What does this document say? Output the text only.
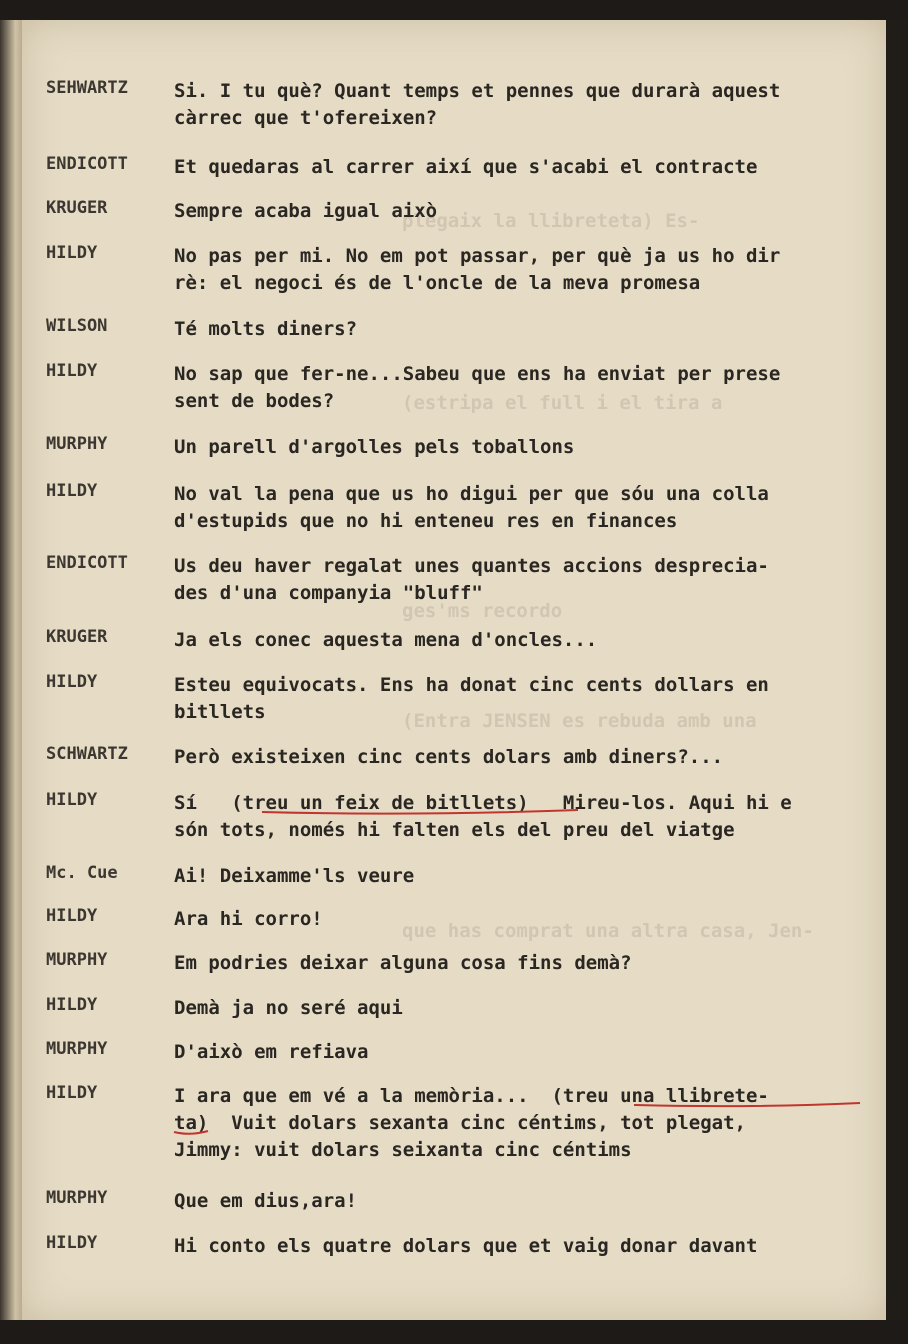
plegaix la llibreteta) Es-
(estripa el full i el tira a
ges'ms recordo
(Entra JENSEN es rebuda amb una
que has comprat una altra casa, Jen-
SEHWARTZ Si. I tu què? Quant temps et pennes que durarà aquest
càrrec que t'ofereixen?
ENDICOTT Et quedaras al carrer així que s'acabi el contracte
KRUGER	Sempre acaba igual això
HILDY	No pas per mi. No em pot passar, per què ja us ho dir
rè: el negoci és de l'oncle de la meva promesa
WILSON	Té molts diners?
HILDY	No sap que fer-ne...Sabeu que ens ha enviat per prese
sent de bodes?
MURPHY	Un parell d'argolles pels toballons
HILDY	No val la pena que us ho digui per que sóu una colla
d'estupids que no hi enteneu res en finances
ENDICOTT Us deu haver regalat unes quantes accions desprecia-
des d'una companyia "bluff"
KRUGER	Ja els conec aquesta mena d'oncles...
HILDY	Esteu equivocats. Ens ha donat cinc cents dollars en
bitllets
SCHWARTZ Però existeixen cinc cents dolars amb diners?...
HILDY	Sí   (treu un feix de bitllets)   Mireu-los. Aqui hi e
són tots, només hi falten els del preu del viatge
Mc. Cue	Ai! Deixamme'ls veure
HILDY	Ara hi corro!
MURPHY	Em podries deixar alguna cosa fins demà?
HILDY	Demà ja no seré aqui
MURPHY	D'això em refiava
HILDY	I ara que em vé a la memòria...  (treu una llibrete-
ta)  Vuit dolars sexanta cinc céntims, tot plegat,
Jimmy: vuit dolars seixanta cinc céntims
MURPHY	Que em dius,ara!
HILDY	Hi conto els quatre dolars que et vaig donar davant
